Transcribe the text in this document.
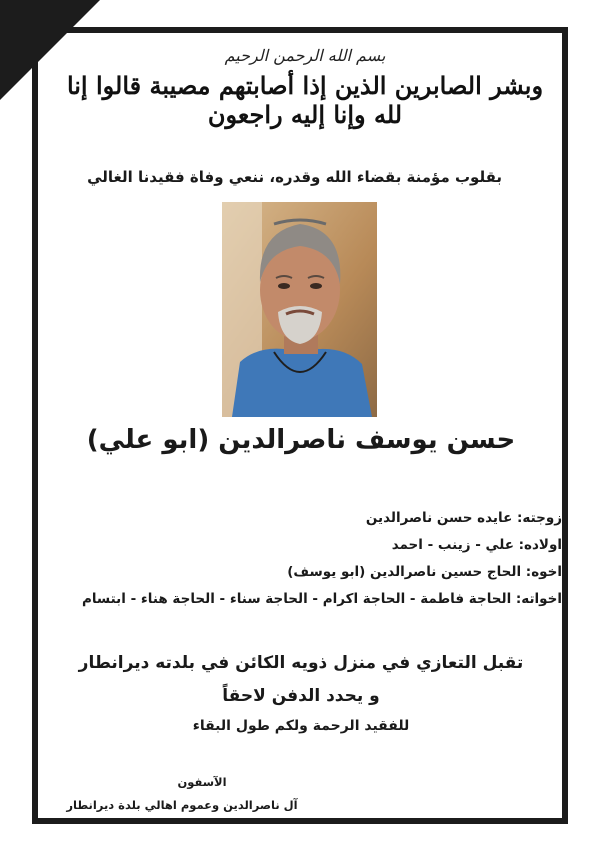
بسم الله الرحمن الرحيم
وبشر الصابرين الذين إذا أصابتهم مصيبة قالوا إنا لله وإنا إليه راجعون
بقلوب مؤمنة بقضاء الله وقدره، ننعي وفاة فقيدنا الغالي
حسن يوسف ناصرالدين (ابو علي)
زوجته: عايده حسن ناصرالدين
اولاده: علي - زينب - احمد
اخوه: الحاج حسين ناصرالدين (ابو يوسف)
اخواته: الحاجة فاطمة - الحاجة اكرام - الحاجة سناء - الحاجة هناء - ابتسام
تقبل التعازي في منزل ذويه الكائن في بلدته ديرانطار
و يحدد الدفن لاحقاً
للفقيد الرحمة ولكم طول البقاء
الآسفون
آل ناصرالدين وعموم اهالي بلدة ديرانطار
